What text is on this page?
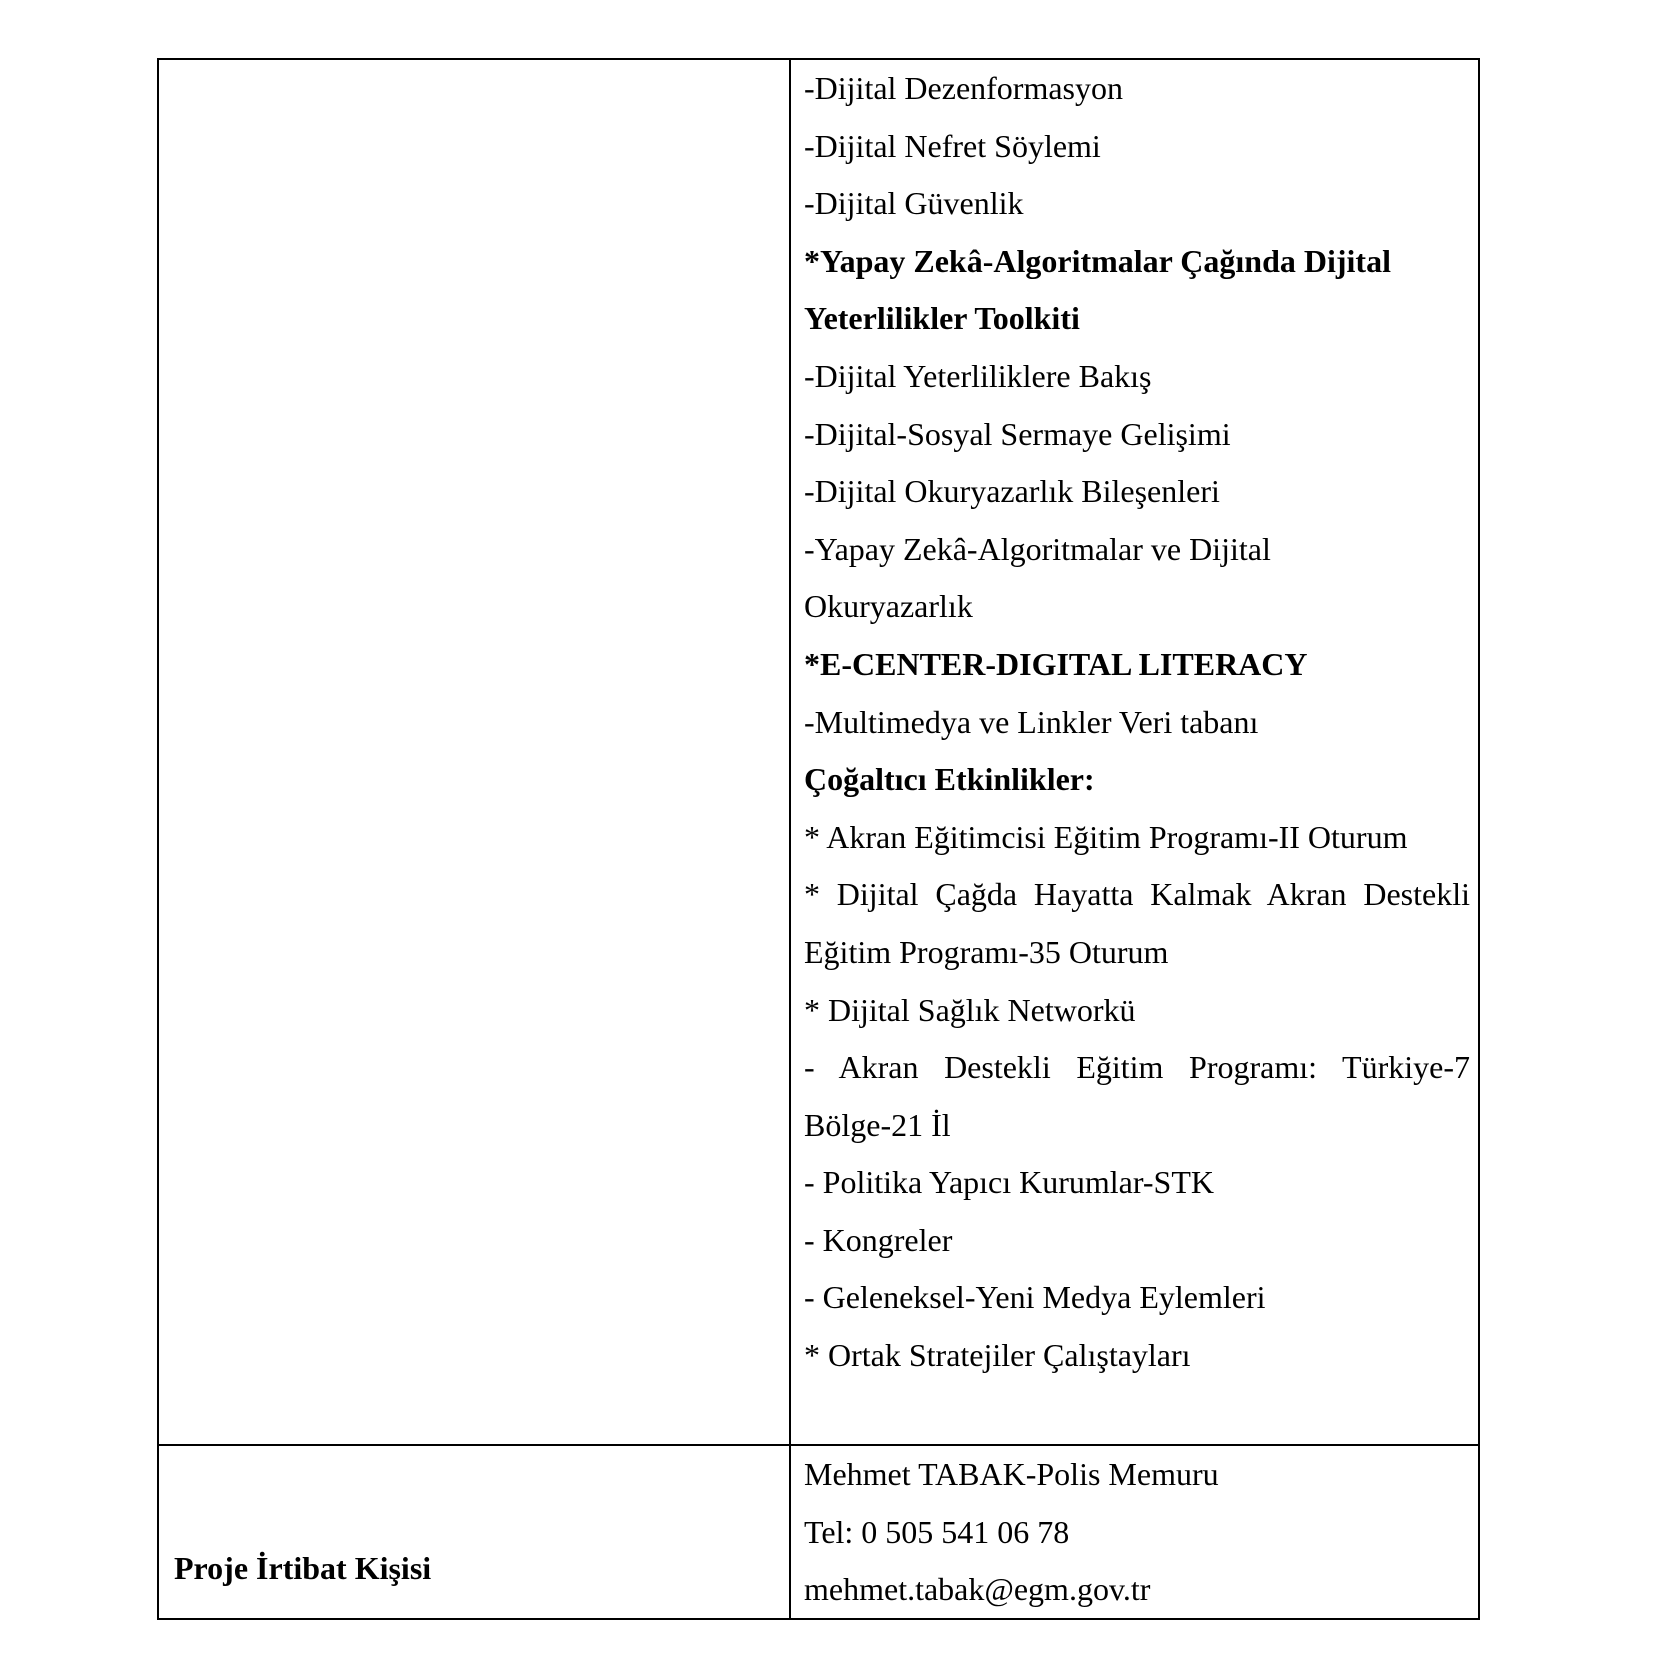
-Dijital Dezenformasyon
-Dijital Nefret Söylemi
-Dijital Güvenlik
*Yapay Zekâ-Algoritmalar Çağında Dijital
Yeterlilikler Toolkiti
-Dijital Yeterliliklere Bakış
-Dijital-Sosyal Sermaye Gelişimi
-Dijital Okuryazarlık Bileşenleri
-Yapay Zekâ-Algoritmalar ve Dijital
Okuryazarlık
*E-CENTER-DIGITAL LITERACY
-Multimedya ve Linkler Veri tabanı
Çoğaltıcı Etkinlikler:
* Akran Eğitimcisi Eğitim Programı-II Oturum
* Dijital Çağda Hayatta Kalmak Akran Destekli
Eğitim Programı-35 Oturum
* Dijital Sağlık Networkü
- Akran Destekli Eğitim Programı: Türkiye-7
Bölge-21 İl
- Politika Yapıcı Kurumlar-STK
- Kongreler
- Geleneksel-Yeni Medya Eylemleri
* Ortak Stratejiler Çalıştayları
Proje İrtibat Kişisi
Mehmet TABAK-Polis Memuru
Tel: 0 505 541 06 78
mehmet.tabak@egm.gov.tr
